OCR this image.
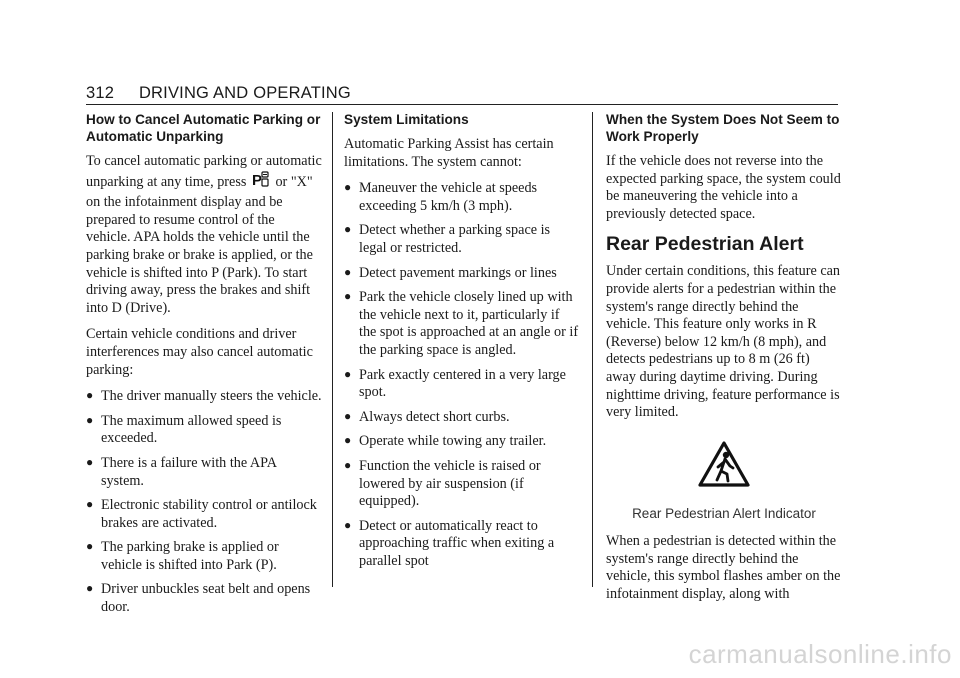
312 DRIVING AND OPERATING
How to Cancel Automatic Parking or Automatic Unparking

To cancel automatic parking or automatic unparking at any time, press P or "X" on the infotainment display and be prepared to resume control of the vehicle. APA holds the vehicle until the parking brake or brake is applied, or the vehicle is shifted into P (Park). To start driving away, press the brakes and shift into D (Drive).

Certain vehicle conditions and driver interferences may also cancel automatic parking:

● The driver manually steers the vehicle.
● The maximum allowed speed is exceeded.
● There is a failure with the APA system.
● Electronic stability control or antilock brakes are activated.
● The parking brake is applied or vehicle is shifted into Park (P).
● Driver unbuckles seat belt and opens door.
System Limitations

Automatic Parking Assist has certain limitations. The system cannot:

● Maneuver the vehicle at speeds exceeding 5 km/h (3 mph).
● Detect whether a parking space is legal or restricted.
● Detect pavement markings or lines
● Park the vehicle closely lined up with the vehicle next to it, particularly if the spot is approached at an angle or if the parking space is angled.
● Park exactly centered in a very large spot.
● Always detect short curbs.
● Operate while towing any trailer.
● Function the vehicle is raised or lowered by air suspension (if equipped).
● Detect or automatically react to approaching traffic when exiting a parallel spot
When the System Does Not Seem to Work Properly

If the vehicle does not reverse into the expected parking space, the system could be maneuvering the vehicle into a previously detected space.

Rear Pedestrian Alert

Under certain conditions, this feature can provide alerts for a pedestrian within the system's range directly behind the vehicle. This feature only works in R (Reverse) below 12 km/h (8 mph), and detects pedestrians up to 8 m (26 ft) away during daytime driving. During nighttime driving, feature performance is very limited.

Rear Pedestrian Alert Indicator

When a pedestrian is detected within the system's range directly behind the vehicle, this symbol flashes amber on the infotainment display, along with

carmanualsonline.info
